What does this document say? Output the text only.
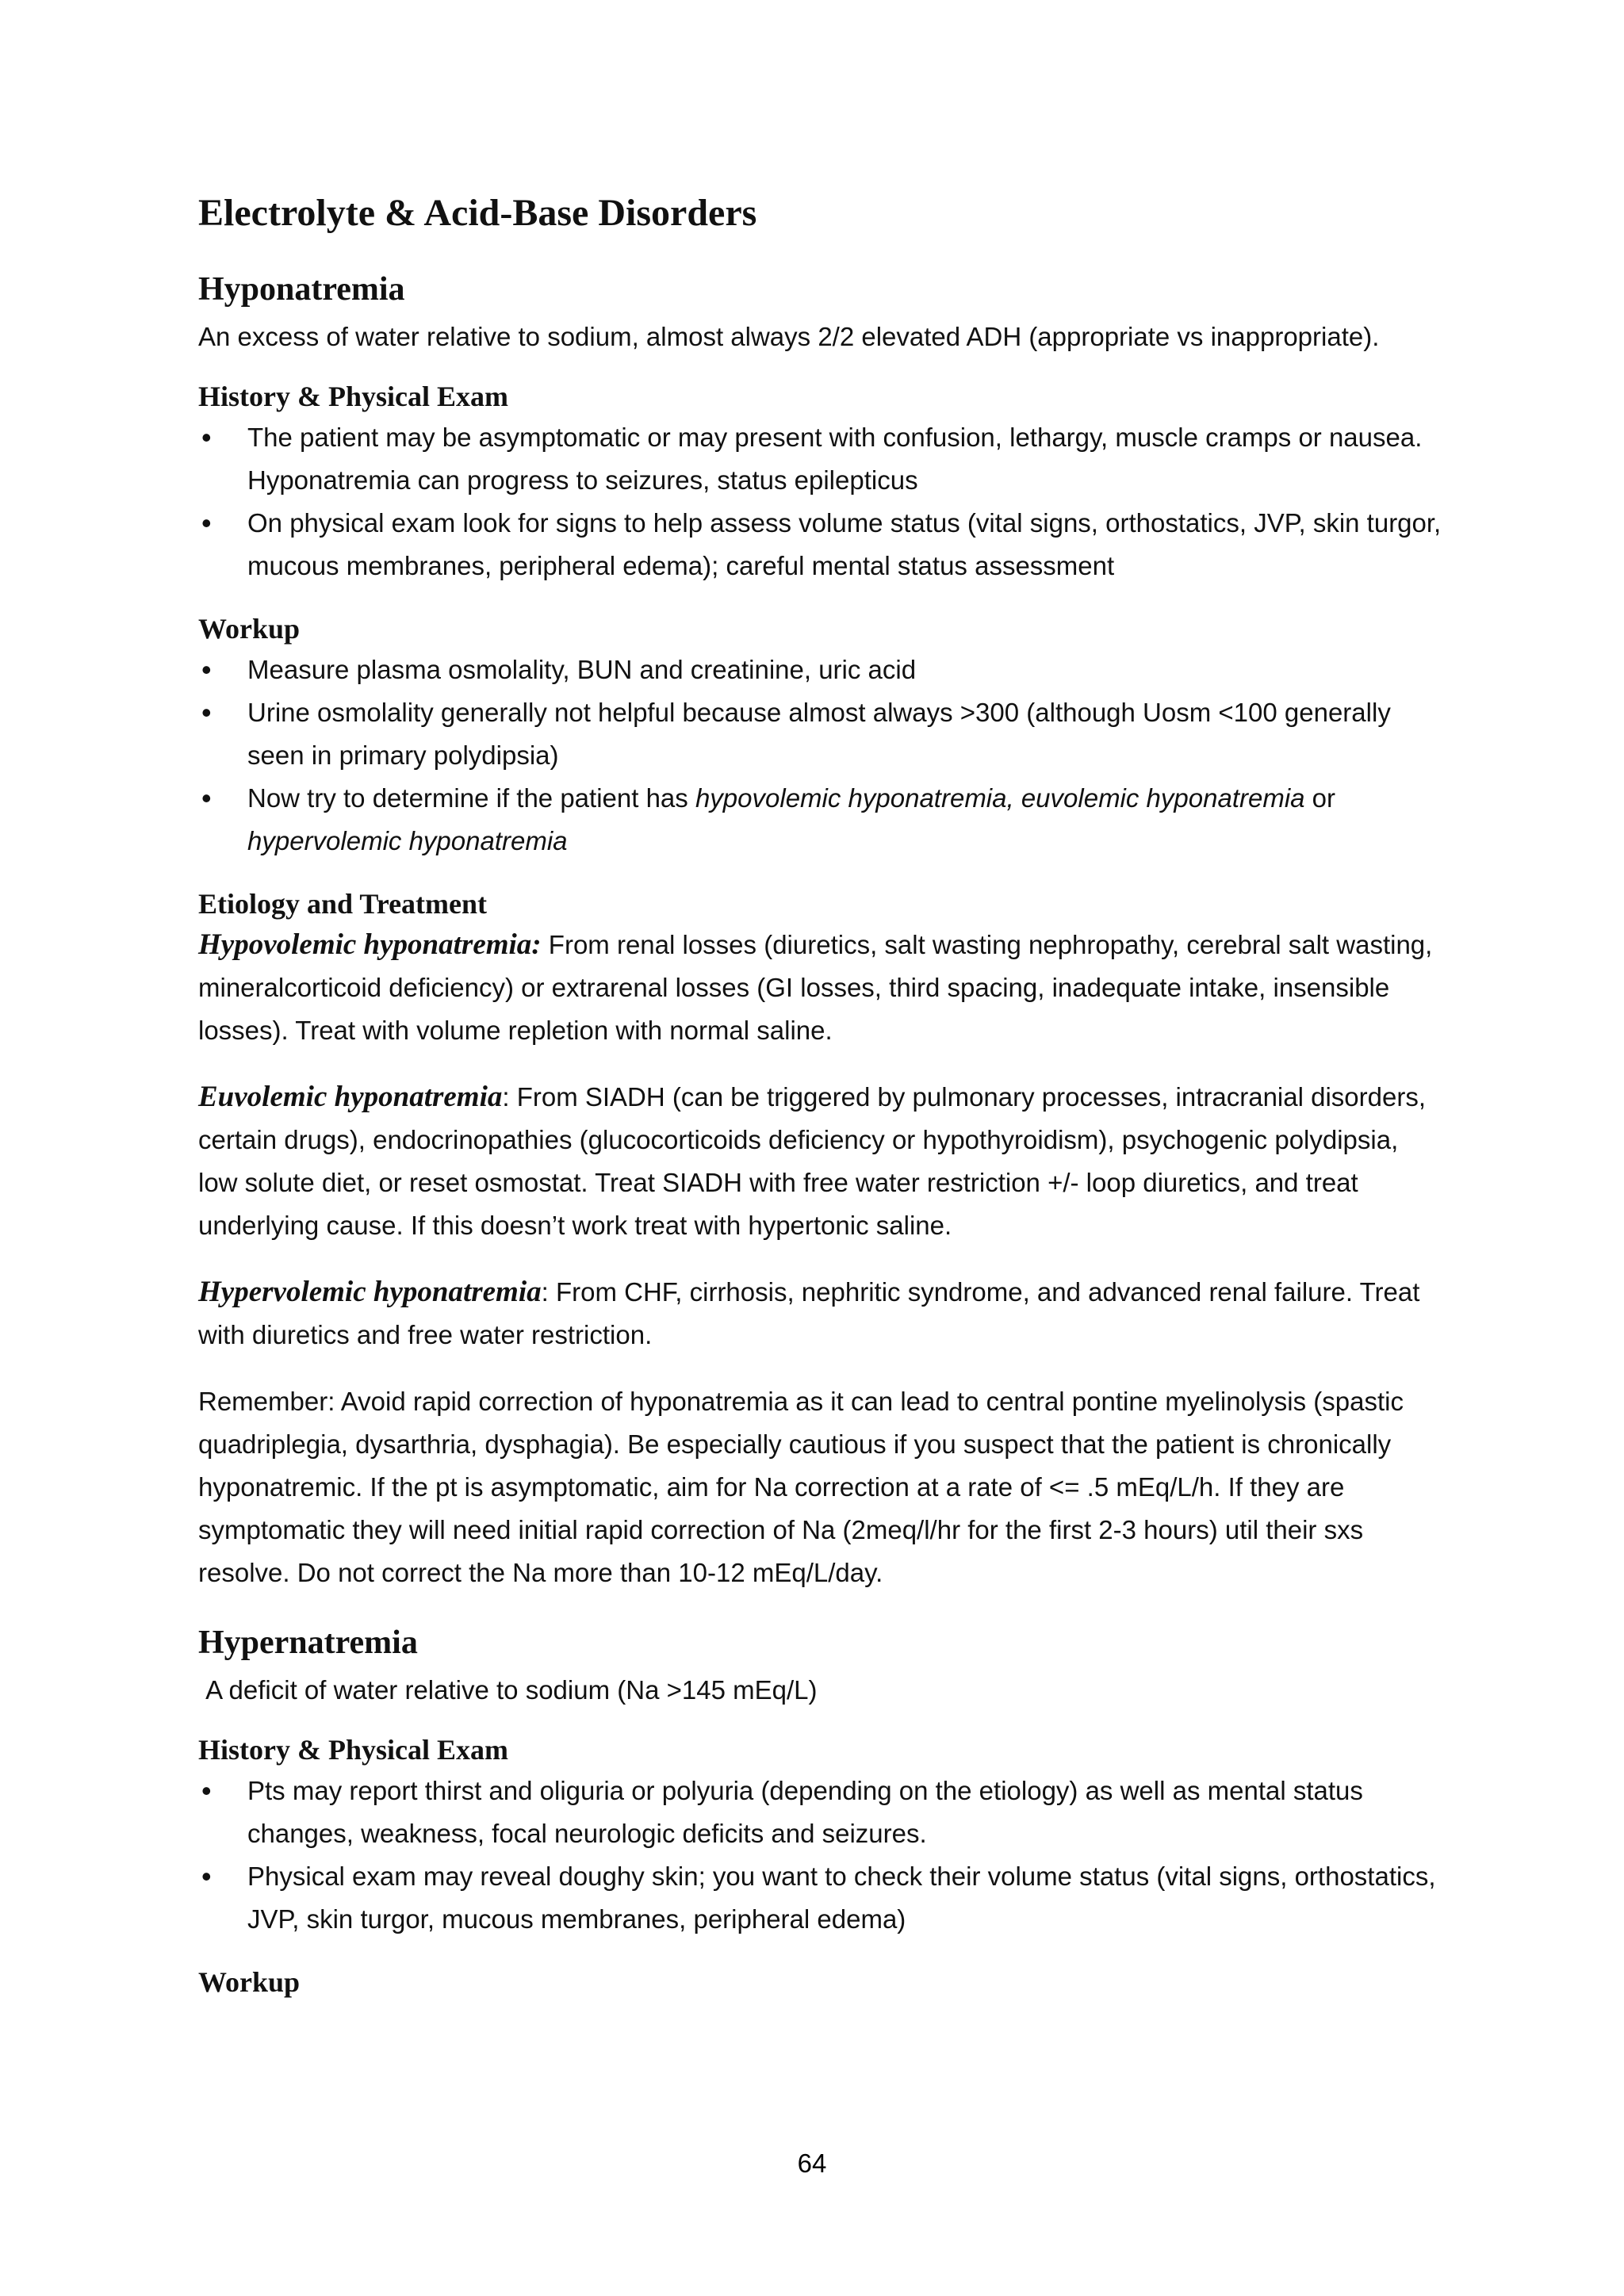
Electrolyte & Acid-Base Disorders
Hyponatremia

An excess of water relative to sodium, almost always 2/2 elevated ADH (appropriate vs inappropriate).

History & Physical Exam
• The patient may be asymptomatic or may present with confusion, lethargy, muscle cramps or nausea. Hyponatremia can progress to seizures, status epilepticus
• On physical exam look for signs to help assess volume status (vital signs, orthostatics, JVP, skin turgor, mucous membranes, peripheral edema); careful mental status assessment
Workup
• Measure plasma osmolality, BUN and creatinine, uric acid
• Urine osmolality generally not helpful because almost always >300 (although Uosm <100 generally seen in primary polydipsia)
• Now try to determine if the patient has hypovolemic hyponatremia, euvolemic hyponatremia or hypervolemic hyponatremia
Etiology and Treatment

Hypovolemic hyponatremia: From renal losses (diuretics, salt wasting nephropathy, cerebral salt wasting, mineralcorticoid deficiency) or extrarenal losses (GI losses, third spacing, inadequate intake, insensible losses). Treat with volume repletion with normal saline.

Euvolemic hyponatremia: From SIADH (can be triggered by pulmonary processes, intracranial disorders, certain drugs), endocrinopathies (glucocorticoids deficiency or hypothyroidism), psychogenic polydipsia, low solute diet, or reset osmostat. Treat SIADH with free water restriction +/- loop diuretics, and treat underlying cause. If this doesn’t work treat with hypertonic saline.

Hypervolemic hyponatremia: From CHF, cirrhosis, nephritic syndrome, and advanced renal failure. Treat with diuretics and free water restriction.

Remember: Avoid rapid correction of hyponatremia as it can lead to central pontine myelinolysis (spastic quadriplegia, dysarthria, dysphagia). Be especially cautious if you suspect that the patient is chronically hyponatremic. If the pt is asymptomatic, aim for Na correction at a rate of <= .5 mEq/L/h. If they are symptomatic they will need initial rapid correction of Na (2meq/l/hr for the first 2-3 hours) util their sxs resolve. Do not correct the Na more than 10-12 mEq/L/day.

Hypernatremia

A deficit of water relative to sodium (Na >145 mEq/L)

History & Physical Exam
• Pts may report thirst and oliguria or polyuria (depending on the etiology) as well as mental status changes, weakness, focal neurologic deficits and seizures.
• Physical exam may reveal doughy skin; you want to check their volume status (vital signs, orthostatics, JVP, skin turgor, mucous membranes, peripheral edema)
Workup
64
